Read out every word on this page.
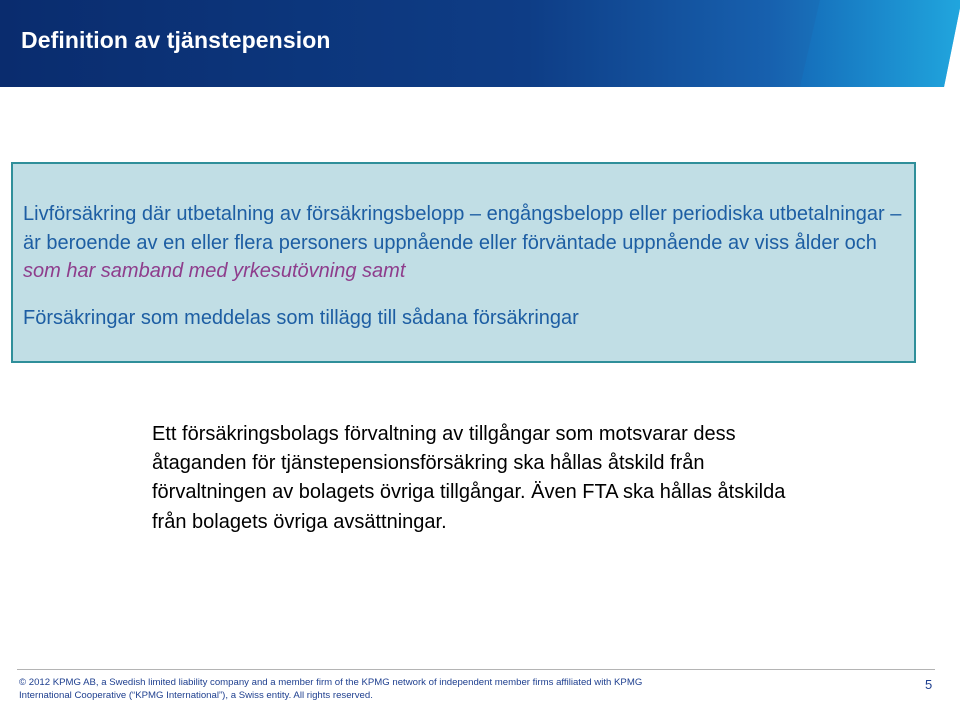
Definition av tjänstepension

Livförsäkring där utbetalning av försäkringsbelopp – engångsbelopp eller periodiska utbetalningar – är beroende av en eller flera personers uppnående eller förväntade uppnående av viss ålder och som har samband med yrkesutövning samt

Försäkringar som meddelas som tillägg till sådana försäkringar

Ett försäkringsbolags förvaltning av tillgångar som motsvarar dess åtaganden för tjänstepensionsförsäkring ska hållas åtskild från förvaltningen av bolagets övriga tillgångar. Även FTA ska hållas åtskilda från bolagets övriga avsättningar.

© 2012 KPMG AB, a Swedish limited liability company and a member firm of the KPMG network of independent member firms affiliated with KPMG
International Cooperative (“KPMG International”), a Swiss entity. All rights reserved.
5
